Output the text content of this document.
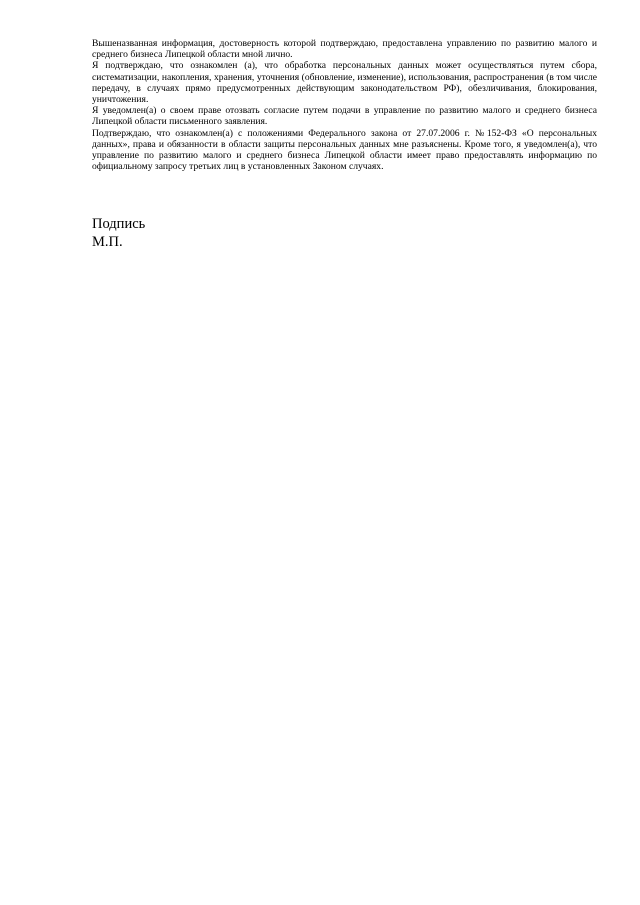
Вышеназванная информация, достоверность которой подтверждаю, предоставлена управлению по развитию малого и среднего бизнеса Липецкой области мной лично.

Я подтверждаю, что ознакомлен (а), что обработка персональных данных может осуществляться путем сбора, систематизации, накопления, хранения, уточнения (обновление, изменение), использования, распространения (в том числе передачу, в случаях прямо предусмотренных действующим законодательством РФ), обезличивания, блокирования, уничтожения.

Я уведомлен(а) о своем праве отозвать согласие путем подачи в управление по развитию малого и среднего бизнеса Липецкой области письменного заявления.

Подтверждаю, что ознакомлен(а) с положениями Федерального закона от 27.07.2006 г. №152-ФЗ «О персональных данных», права и обязанности в области защиты персональных данных мне разъяснены. Кроме того, я уведомлен(а), что управление по развитию малого и среднего бизнеса Липецкой области имеет право предоставлять информацию по официальному запросу третьих лиц в установленных Законом случаях.

Подпись

М.П.
